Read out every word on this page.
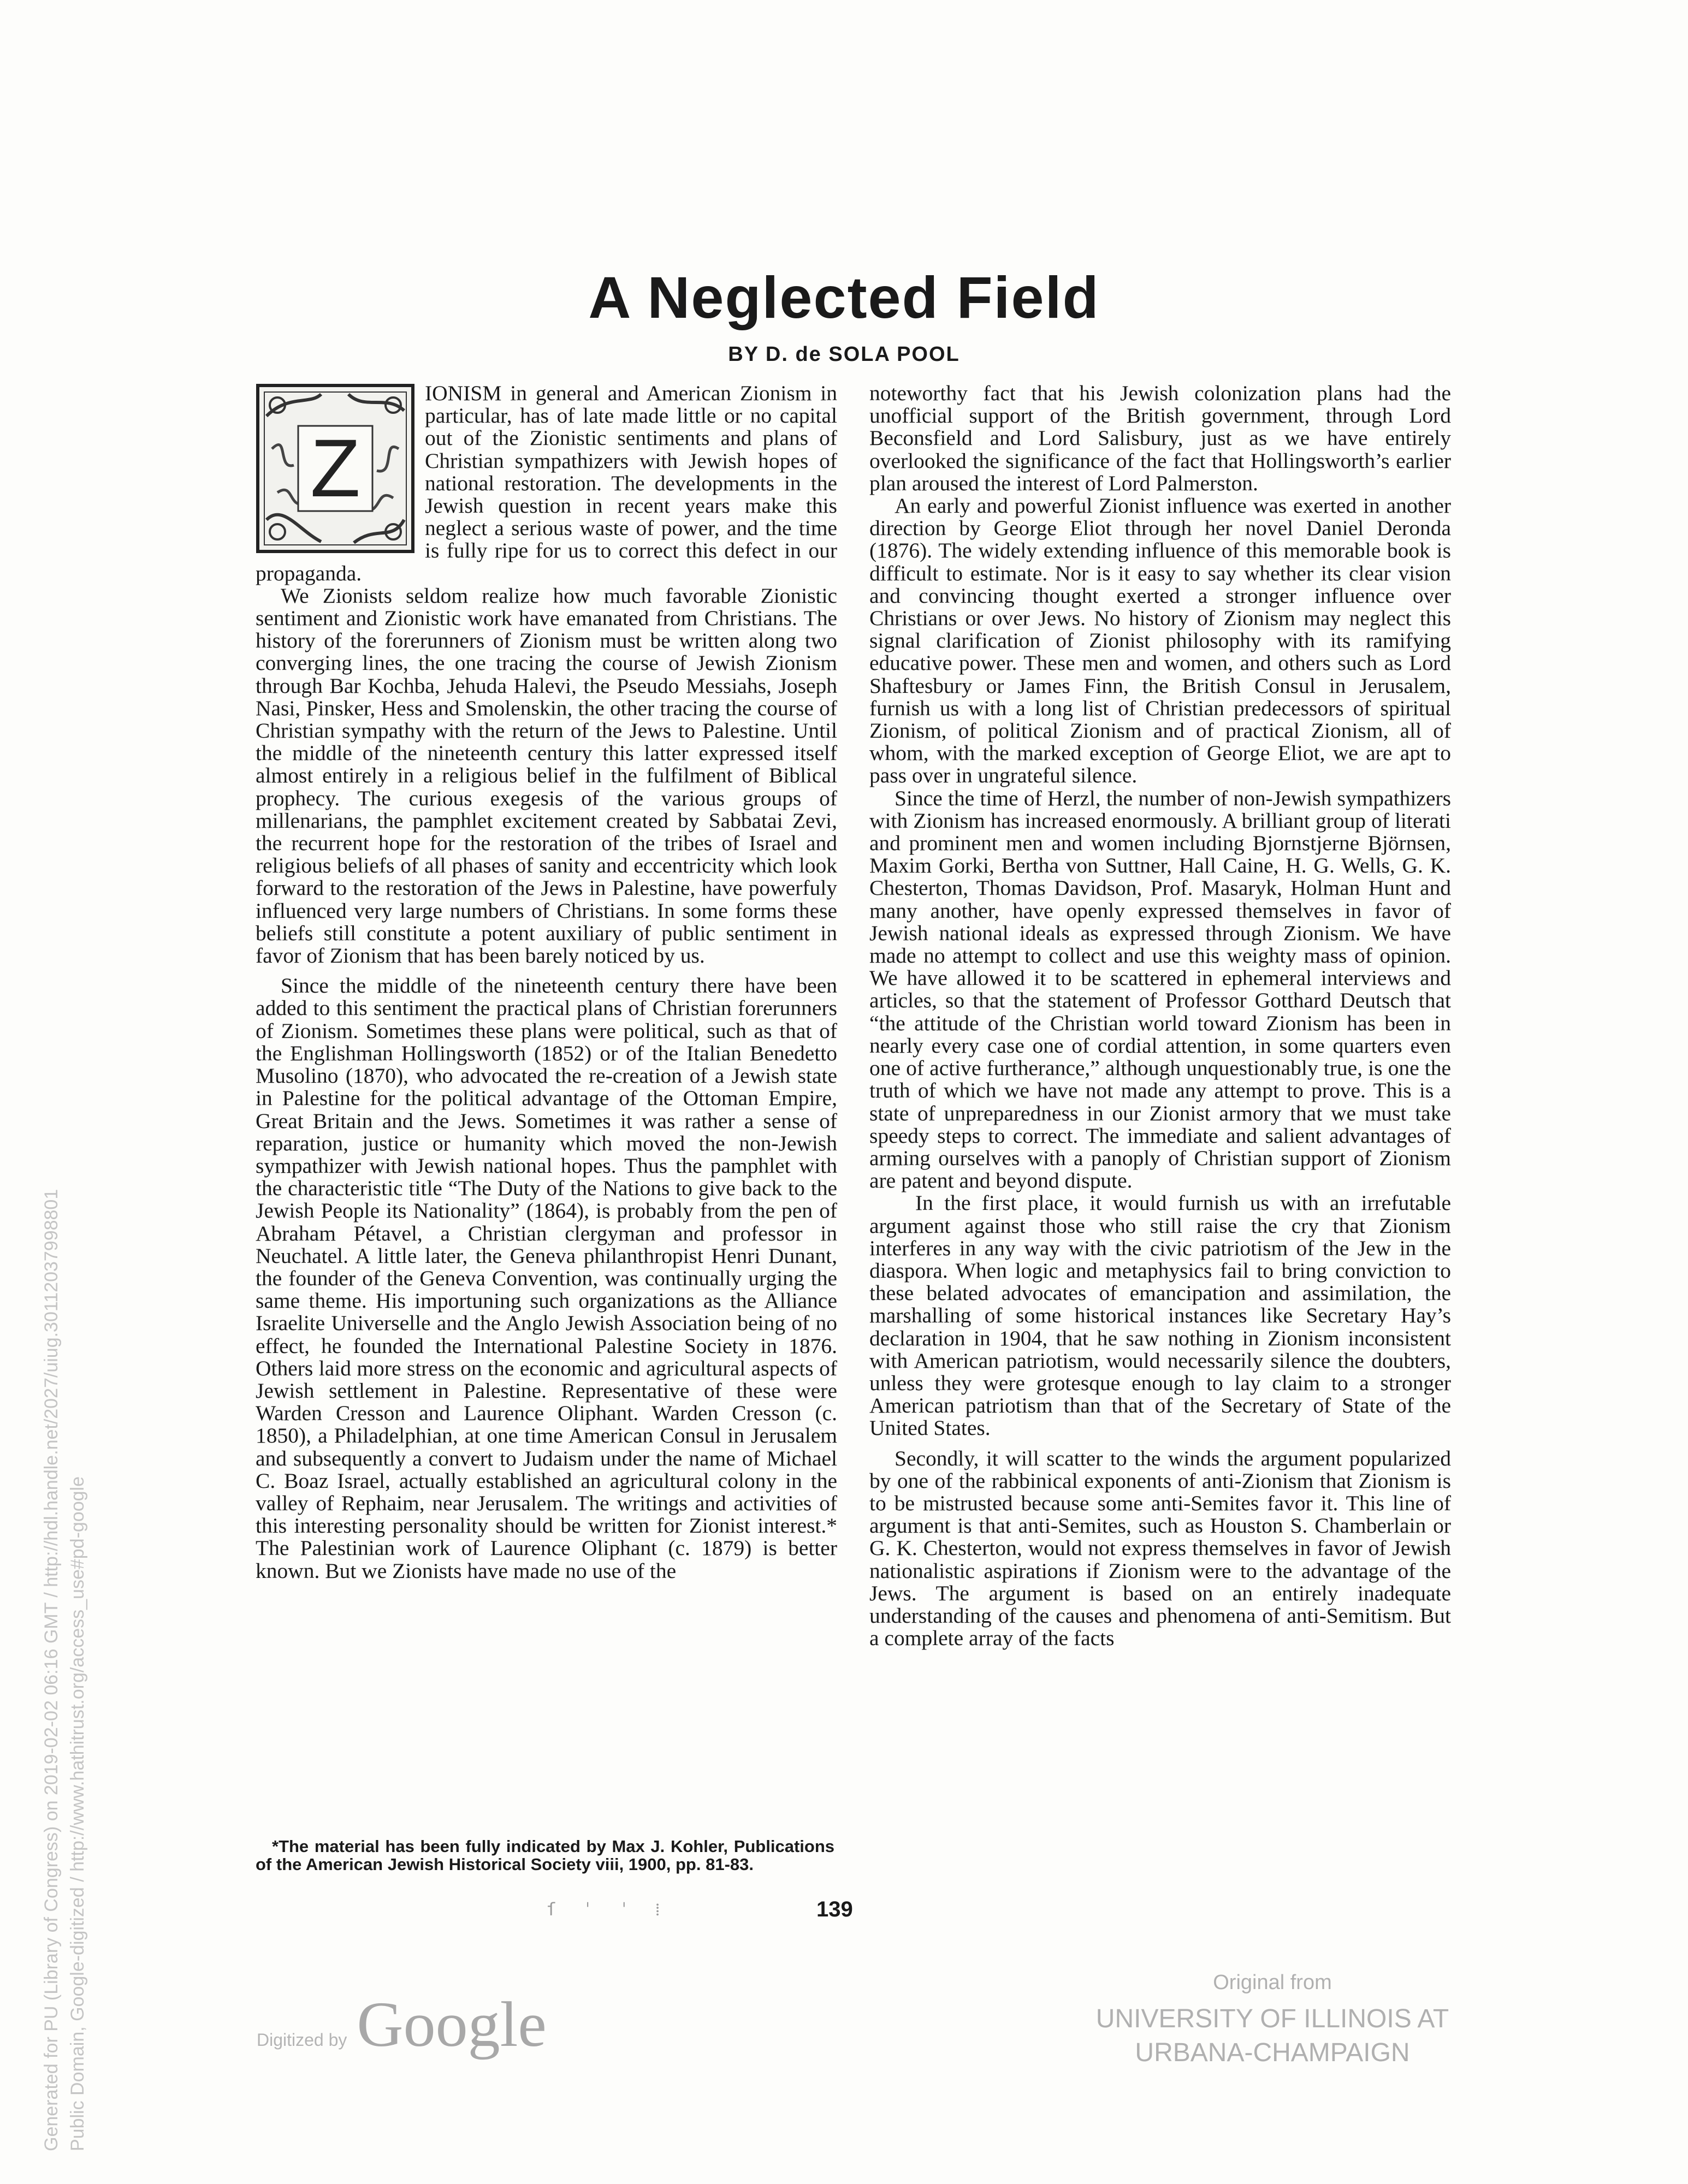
A Neglected Field
BY D. de SOLA POOL
Z

IONISM in general and American Zionism in particular, has of late made little or no capital out of the Zionistic sentiments and plans of Christian sympathizers with Jewish hopes of national restoration. The developments in the Jewish question in recent years make this neglect a serious waste of power, and the time is fully ripe for us to correct this defect in our propaganda.

We Zionists seldom realize how much favorable Zionistic sentiment and Zionistic work have emanated from Christians. The history of the forerunners of Zionism must be written along two converging lines, the one tracing the course of Jewish Zionism through Bar Kochba, Jehuda Halevi, the Pseudo Messiahs, Joseph Nasi, Pinsker, Hess and Smolenskin, the other tracing the course of Christian sympathy with the return of the Jews to Palestine. Until the middle of the nineteenth century this latter expressed itself almost entirely in a religious belief in the fulfilment of Biblical prophecy. The curious exegesis of the various groups of millenarians, the pamphlet excitement created by Sabbatai Zevi, the recurrent hope for the restoration of the tribes of Israel and religious beliefs of all phases of sanity and eccentricity which look forward to the restoration of the Jews in Palestine, have powerfuly influenced very large numbers of Christians. In some forms these beliefs still constitute a potent auxiliary of public sentiment in favor of Zionism that has been barely noticed by us.

Since the middle of the nineteenth century there have been added to this sentiment the practical plans of Christian forerunners of Zionism. Sometimes these plans were political, such as that of the Englishman Hollingsworth (1852) or of the Italian Benedetto Musolino (1870), who advocated the re-creation of a Jewish state in Palestine for the political advantage of the Ottoman Empire, Great Britain and the Jews. Sometimes it was rather a sense of reparation, justice or humanity which moved the non-Jewish sympathizer with Jewish national hopes. Thus the pamphlet with the characteristic title “The Duty of the Nations to give back to the Jewish People its Nationality” (1864), is probably from the pen of Abraham Pétavel, a Christian clergyman and professor in Neuchatel. A little later, the Geneva philanthropist Henri Dunant, the founder of the Geneva Convention, was continually urging the same theme. His importuning such organizations as the Alliance Israelite Universelle and the Anglo Jewish Association being of no effect, he founded the International Palestine Society in 1876. Others laid more stress on the economic and agricultural aspects of Jewish settlement in Palestine. Representative of these were Warden Cresson and Laurence Oliphant. Warden Cresson (c. 1850), a Philadelphian, at one time American Consul in Jerusalem and subsequently a convert to Judaism under the name of Michael C. Boaz Israel, actually established an agricultural colony in the valley of Rephaim, near Jerusalem. The writings and activities of this interesting personality should be written for Zionist interest.* The Palestinian work of Laurence Oliphant (c. 1879) is better known. But we Zionists have made no use of the

noteworthy fact that his Jewish colonization plans had the unofficial support of the British government, through Lord Beconsfield and Lord Salisbury, just as we have entirely overlooked the significance of the fact that Hollingsworth’s earlier plan aroused the interest of Lord Palmerston.

An early and powerful Zionist influence was exerted in another direction by George Eliot through her novel Daniel Deronda (1876). The widely extending influence of this memorable book is difficult to estimate. Nor is it easy to say whether its clear vision and convincing thought exerted a stronger influence over Christians or over Jews. No history of Zionism may neglect this signal clarification of Zionist philosophy with its ramifying educative power. These men and women, and others such as Lord Shaftesbury or James Finn, the British Consul in Jerusalem, furnish us with a long list of Christian predecessors of spiritual Zionism, of political Zionism and of practical Zionism, all of whom, with the marked exception of George Eliot, we are apt to pass over in ungrateful silence.

Since the time of Herzl, the number of non-Jewish sympathizers with Zionism has increased enormously. A brilliant group of literati and prominent men and women including Bjornstjerne Björnsen, Maxim Gorki, Bertha von Suttner, Hall Caine, H. G. Wells, G. K. Chesterton, Thomas Davidson, Prof. Masaryk, Holman Hunt and many another, have openly expressed themselves in favor of Jewish national ideals as expressed through Zionism. We have made no attempt to collect and use this weighty mass of opinion. We have allowed it to be scattered in ephemeral interviews and articles, so that the statement of Professor Gotthard Deutsch that “the attitude of the Christian world toward Zionism has been in nearly every case one of cordial attention, in some quarters even one of active furtherance,” although unquestionably true, is one the truth of which we have not made any attempt to prove. This is a state of unpreparedness in our Zionist armory that we must take speedy steps to correct. The immediate and salient advantages of arming ourselves with a panoply of Christian support of Zionism are patent and beyond dispute.

In the first place, it would furnish us with an irrefutable argument against those who still raise the cry that Zionism interferes in any way with the civic patriotism of the Jew in the diaspora. When logic and metaphysics fail to bring conviction to these belated advocates of emancipation and assimilation, the marshalling of some historical instances like Secretary Hay’s declaration in 1904, that he saw nothing in Zionism inconsistent with American patriotism, would necessarily silence the doubters, unless they were grotesque enough to lay claim to a stronger American patriotism than that of the Secretary of State of the United States.

Secondly, it will scatter to the winds the argument popularized by one of the rabbinical exponents of anti-Zionism that Zionism is to be mistrusted because some anti-Semites favor it. This line of argument is that anti-Semites, such as Houston S. Chamberlain or G. K. Chesterton, would not express themselves in favor of Jewish nationalistic aspirations if Zionism were to the advantage of the Jews. The argument is based on an entirely inadequate understanding of the causes and phenomena of anti-Semitism. But a complete array of the facts

*The material has been fully indicated by Max J. Kohler, Publications of the American Jewish Historical Society viii, 1900, pp. 81-83.
ſ ˈ ˈ ⁞	139
Generated for PU (Library of Congress) on 2019-02-02 06:16 GMT / http://hdl.handle.net/2027/uiug.30112037998801 Public Domain, Google-digitized / http://www.hathitrust.org/access_use#pd-google	Digitized by Google
Original from
UNIVERSITY OF ILLINOIS AT
URBANA-CHAMPAIGN
